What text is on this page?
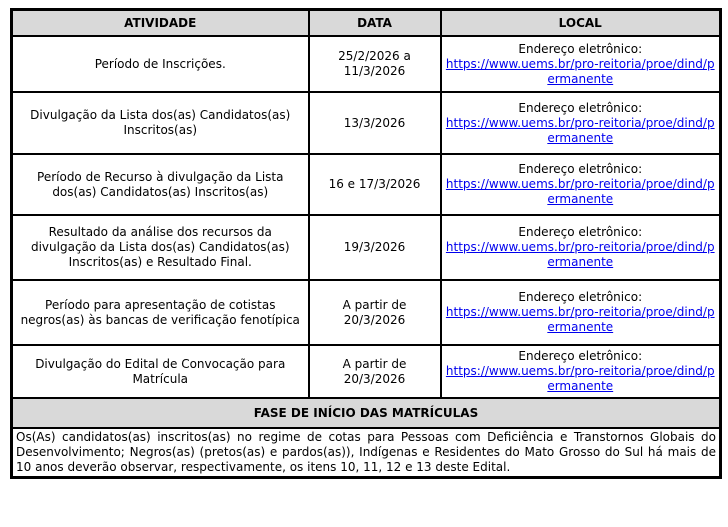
ATIVIDADE	DATA	LOCAL
Período de Inscrições.	25/2/2026 a 11/3/2026	Endereço eletrônico:
https://www.uems.br/pro-reitoria/proe/dind/permanente

Divulgação da Lista dos(as) Candidatos(as) Inscritos(as)	13/3/2026	Endereço eletrônico:
https://www.uems.br/pro-reitoria/proe/dind/permanente

Período de Recurso à divulgação da Lista dos(as) Candidatos(as) Inscritos(as)	16 e 17/3/2026	Endereço eletrônico:
https://www.uems.br/pro-reitoria/proe/dind/permanente

Resultado da análise dos recursos da divulgação da Lista dos(as) Candidatos(as) Inscritos(as) e Resultado Final.	19/3/2026	Endereço eletrônico:
https://www.uems.br/pro-reitoria/proe/dind/permanente

Período para apresentação de cotistas negros(as) às bancas de verificação fenotípica	A partir de 20/3/2026	Endereço eletrônico:
https://www.uems.br/pro-reitoria/proe/dind/permanente

Divulgação do Edital de Convocação para Matrícula	A partir de 20/3/2026	Endereço eletrônico:
https://www.uems.br/pro-reitoria/proe/dind/permanente

FASE DE INÍCIO DAS MATRÍCULAS		
Os(As) candidatos(as) inscritos(as) no regime de cotas para Pessoas com Deficiência e Transtornos Globais do Desenvolvimento; Negros(as) (pretos(as) e pardos(as)), Indígenas e Residentes do Mato Grosso do Sul há mais de 10 anos deverão observar, respectivamente, os itens 10, 11, 12 e 13 deste Edital.		
